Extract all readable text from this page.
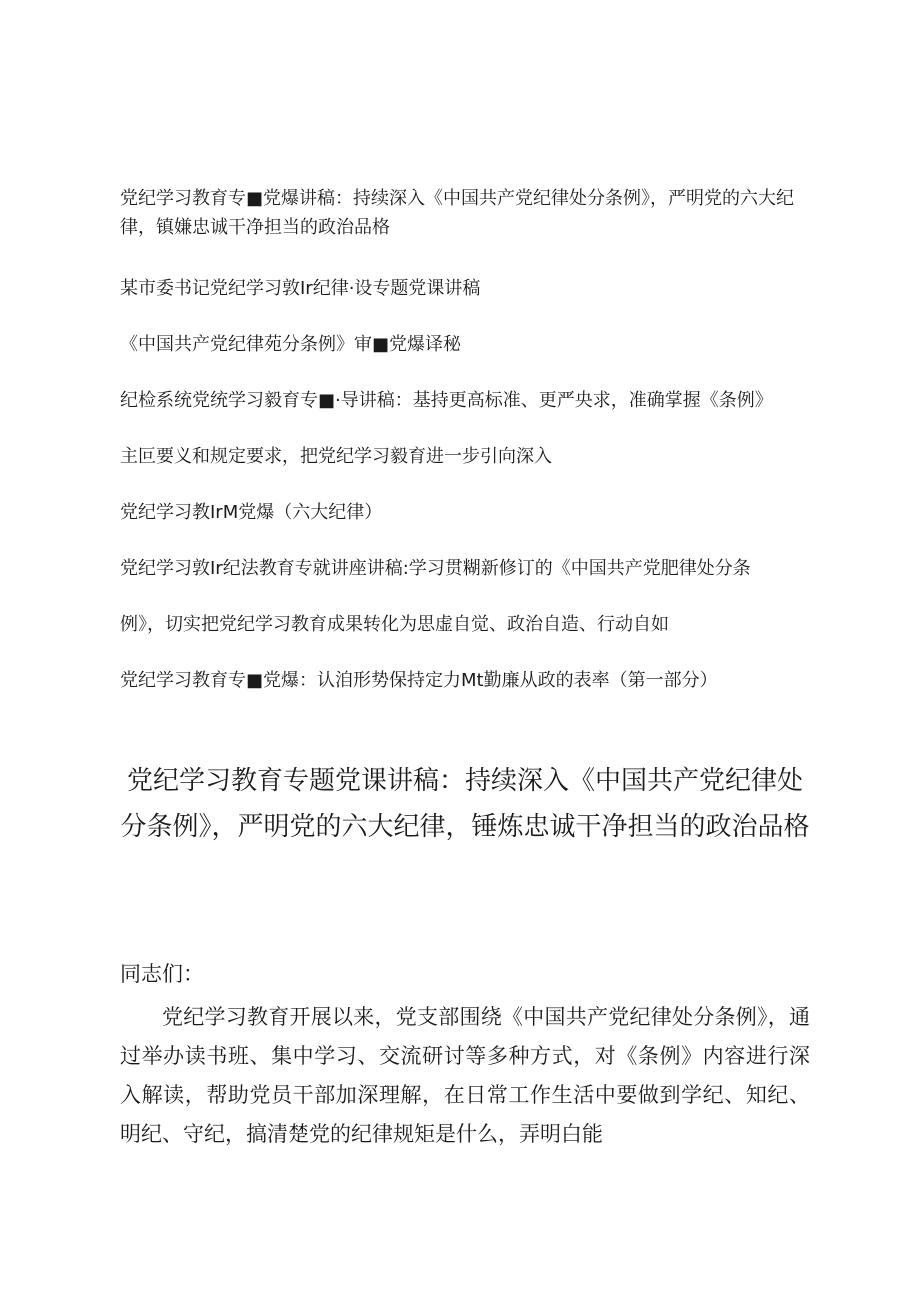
党纪学习教育专■党爆讲稿：持续深入《中国共产党纪律处分条例》，严明党的六大纪律，镇嫌忠诚干净担当的政治品格

某市委书记党纪学习敦Ir纪律·设专题党课讲稿

《中国共产党纪律苑分条例》审■党爆译秘

纪检系统党统学习毅育专■·导讲稿：基持更高标准、更严央求，准确掌握《条例》

主叵要义和规定要求，把党纪学习毅育进一步引向深入

党纪学习教IrM党爆（六大纪律）

党纪学习敦Ir纪法教育专就讲座讲稿:学习贯糊新修订的《中国共产党肥律处分条

例》，切实把党纪学习教育成果转化为思虚自觉、政治自造、行动自如

党纪学习教育专■党爆：认洎形势保持定力Mt勤廉从政的表率（第一部分）

党纪学习教育专题党课讲稿：持续深入《中国共产党纪律处分条例》，严明党的六大纪律，锤炼忠诚干净担当的政治品格

同志们：

党纪学习教育开展以来，党支部围绕《中国共产党纪律处分条例》，通过举办读书班、集中学习、交流研讨等多种方式，对《条例》内容进行深入解读，帮助党员干部加深理解，在日常工作生活中要做到学纪、知纪、明纪、守纪，搞清楚党的纪律规矩是什么，弄明白能
